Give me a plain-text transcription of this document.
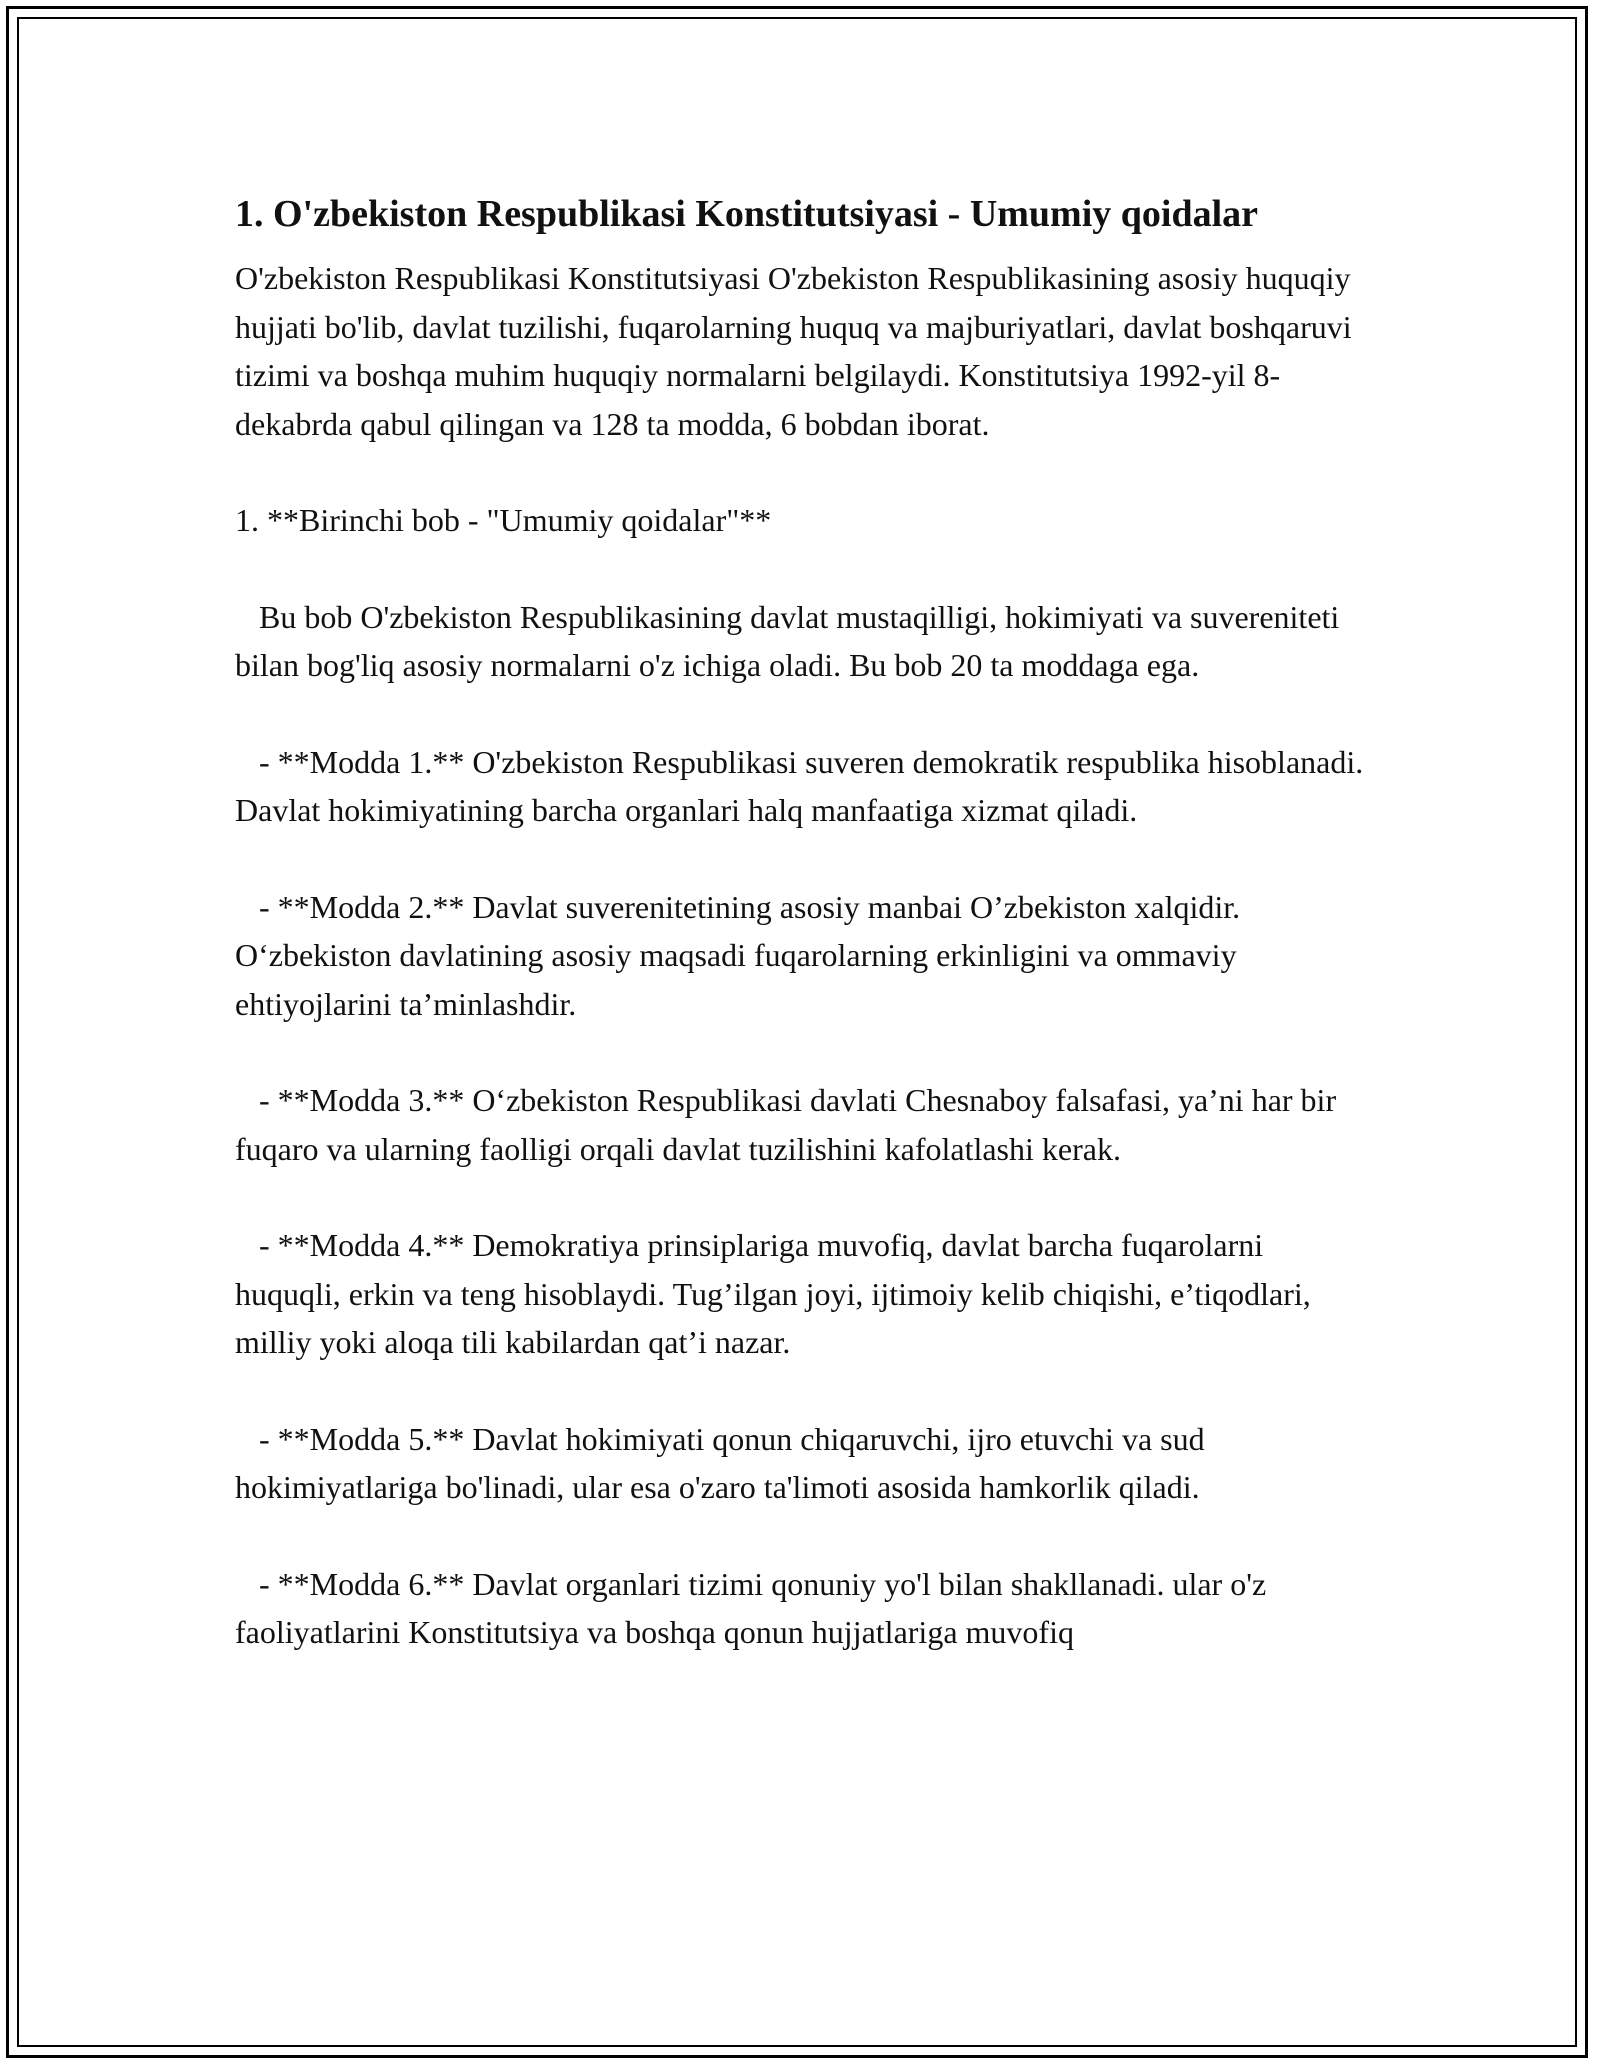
1. O'zbekiston Respublikasi Konstitutsiyasi - Umumiy qoidalar

O'zbekiston Respublikasi Konstitutsiyasi O'zbekiston Respublikasining asosiy huquqiy hujjati bo'lib, davlat tuzilishi, fuqarolarning huquq va majburiyatlari, davlat boshqaruvi tizimi va boshqa muhim huquqiy normalarni belgilaydi. Konstitutsiya 1992-yil 8-dekabrda qabul qilingan va 128 ta modda, 6 bobdan iborat.

1. **Birinchi bob - "Umumiy qoidalar"**

Bu bob O'zbekiston Respublikasining davlat mustaqilligi, hokimiyati va suvereniteti bilan bog'liq asosiy normalarni o'z ichiga oladi. Bu bob 20 ta moddaga ega.

- **Modda 1.** O'zbekiston Respublikasi suveren demokratik respublika hisoblanadi. Davlat hokimiyatining barcha organlari halq manfaatiga xizmat qiladi.

- **Modda 2.** Davlat suverenitetining asosiy manbai O’zbekiston xalqidir. O‘zbekiston davlatining asosiy maqsadi fuqarolarning erkinligini va ommaviy ehtiyojlarini ta’minlashdir.

- **Modda 3.** O‘zbekiston Respublikasi davlati Chesnaboy falsafasi, ya’ni har bir fuqaro va ularning faolligi orqali davlat tuzilishini kafolatlashi kerak.

- **Modda 4.** Demokratiya prinsiplariga muvofiq, davlat barcha fuqarolarni huquqli, erkin va teng hisoblaydi. Tug’ilgan joyi, ijtimoiy kelib chiqishi, e’tiqodlari, milliy yoki aloqa tili kabilardan qat’i nazar.

- **Modda 5.** Davlat hokimiyati qonun chiqaruvchi, ijro etuvchi va sud hokimiyatlariga bo'linadi, ular esa o'zaro ta'limoti asosida hamkorlik qiladi.

- **Modda 6.** Davlat organlari tizimi qonuniy yo'l bilan shakllanadi. ular o'z faoliyatlarini Konstitutsiya va boshqa qonun hujjatlariga muvofiq
